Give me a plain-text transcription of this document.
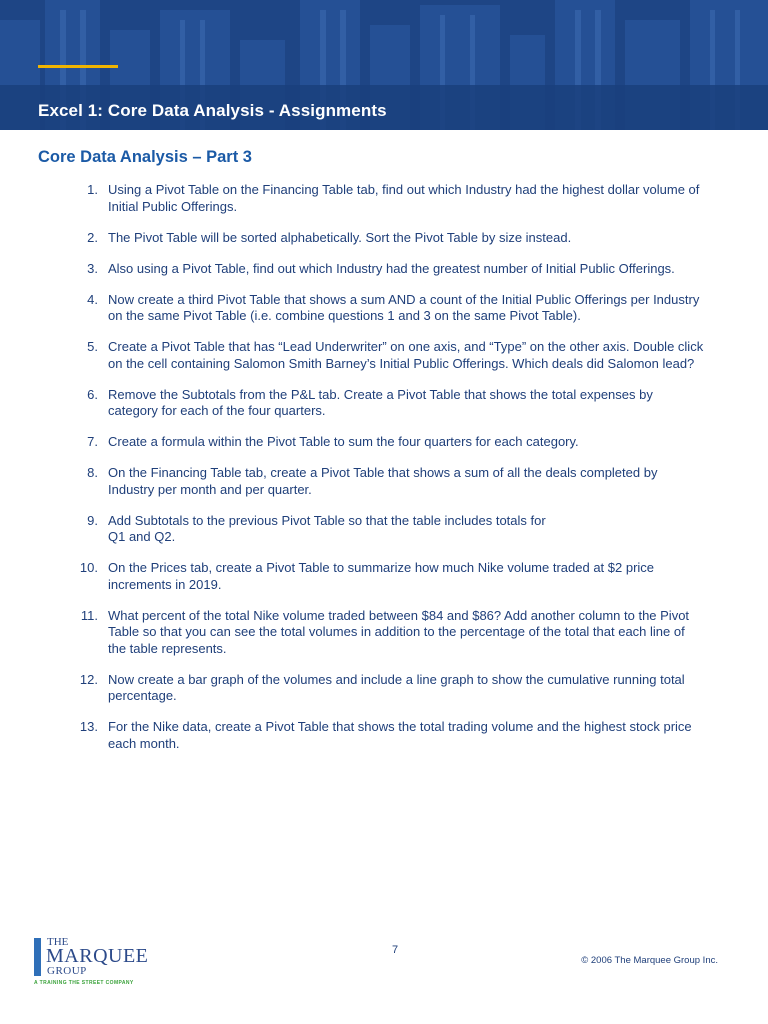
Excel 1: Core Data Analysis - Assignments
Core Data Analysis – Part 3
1. Using a Pivot Table on the Financing Table tab, find out which Industry had the highest dollar volume of Initial Public Offerings.
2. The Pivot Table will be sorted alphabetically. Sort the Pivot Table by size instead.
3. Also using a Pivot Table, find out which Industry had the greatest number of Initial Public Offerings.
4. Now create a third Pivot Table that shows a sum AND a count of the Initial Public Offerings per Industry on the same Pivot Table (i.e. combine questions 1 and 3 on the same Pivot Table).
5. Create a Pivot Table that has “Lead Underwriter” on one axis, and “Type” on the other axis. Double click on the cell containing Salomon Smith Barney’s Initial Public Offerings. Which deals did Salomon lead?
6. Remove the Subtotals from the P&L tab. Create a Pivot Table that shows the total expenses by category for each of the four quarters.
7. Create a formula within the Pivot Table to sum the four quarters for each category.
8. On the Financing Table tab, create a Pivot Table that shows a sum of all the deals completed by Industry per month and per quarter.
9. Add Subtotals to the previous Pivot Table so that the table includes totals for
Q1 and Q2.
10. On the Prices tab, create a Pivot Table to summarize how much Nike volume traded at $2 price increments in 2019.
11. What percent of the total Nike volume traded between $84 and $86? Add another column to the Pivot Table so that you can see the total volumes in addition to the percentage of the total that each line of the table represents.
12. Now create a bar graph of the volumes and include a line graph to show the cumulative running total percentage.
13. For the Nike data, create a Pivot Table that shows the total trading volume and the highest stock price each month.
THE
MARQUEE
GROUP
A TRAINING THE STREET COMPANY
7
© 2006 The Marquee Group Inc.
